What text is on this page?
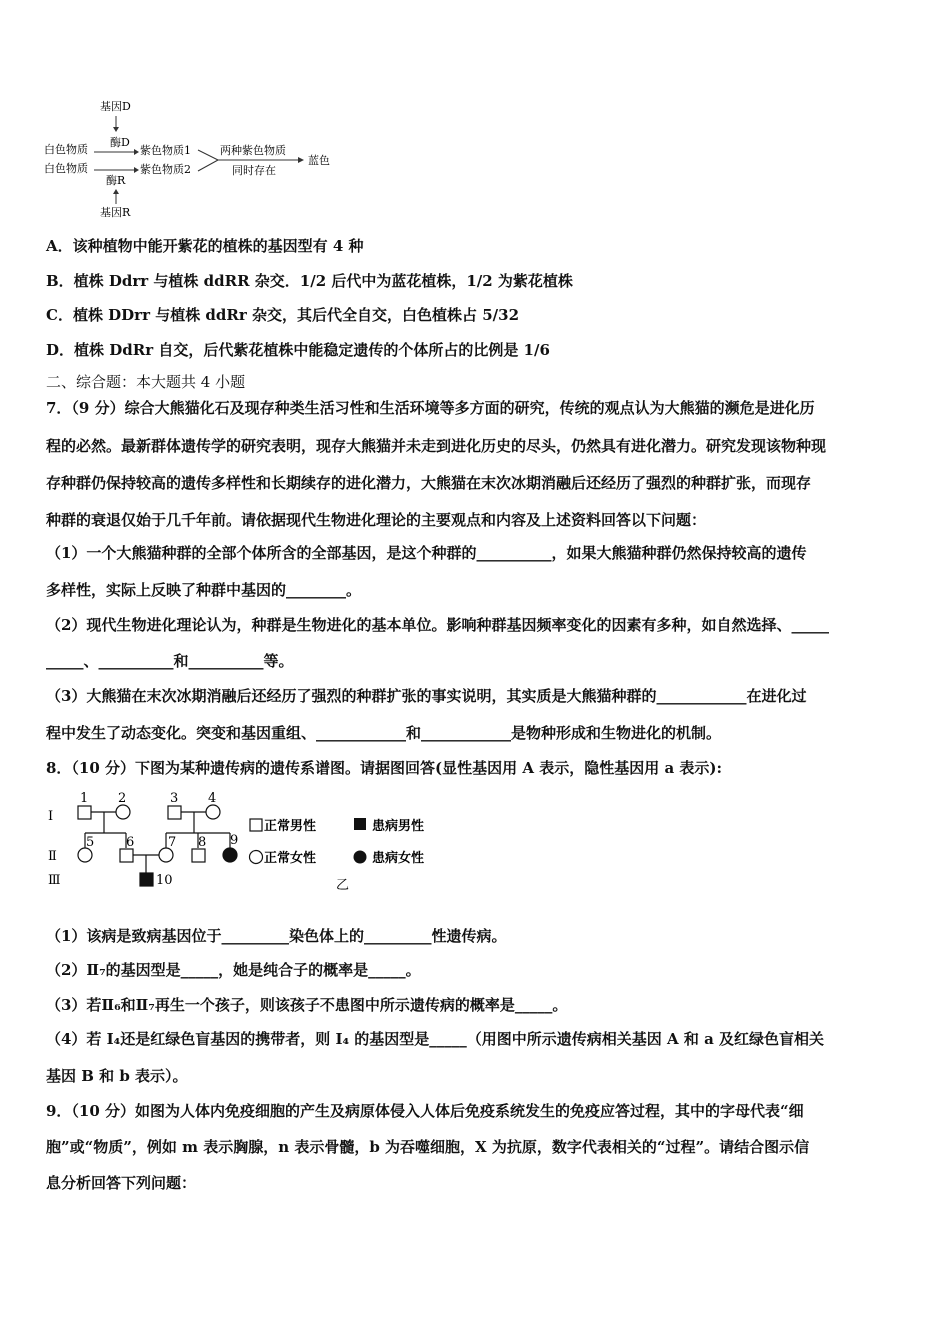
基因D
酶D
白色物质	紫色物质1
白色物质	紫色物质2
两种紫色物质
同时存在
蓝色
酶R
基因R
A．该种植物中能开紫花的植株的基因型有 4 种
B．植株 Ddrr 与植株 ddRR 杂交．1/2 后代中为蓝花植株，1/2 为紫花植株
C．植株 DDrr 与植株 ddRr 杂交，其后代全自交，白色植株占 5/32
D．植株 DdRr 自交，后代紫花植株中能稳定遗传的个体所占的比例是 1/6
二、综合题：本大题共 4 小题
7．（9 分）综合大熊猫化石及现存种类生活习性和生活环境等多方面的研究，传统的观点认为大熊猫的濒危是进化历
程的必然。最新群体遗传学的研究表明，现存大熊猫并未走到进化历史的尽头，仍然具有进化潜力。研究发现该物种现
存种群仍保持较高的遗传多样性和长期续存的进化潜力，大熊猫在末次冰期消融后还经历了强烈的种群扩张，而现存
种群的衰退仅始于几千年前。请依据现代生物进化理论的主要观点和内容及上述资料回答以下问题：
（1）一个大熊猫种群的全部个体所含的全部基因，是这个种群的__________，如果大熊猫种群仍然保持较高的遗传
多样性，实际上反映了种群中基因的________。
（2）现代生物进化理论认为，种群是生物进化的基本单位。影响种群基因频率变化的因素有多种，如自然选择、_____
_____、__________和__________等。
（3）大熊猫在末次冰期消融后还经历了强烈的种群扩张的事实说明，其实质是大熊猫种群的____________在进化过
程中发生了动态变化。突变和基因重组、____________和____________是物种形成和生物进化的机制。
8．（10 分）下图为某种遗传病的遗传系谱图。请据图回答(显性基因用 A 表示，隐性基因用 a 表示):
Ⅰ
Ⅱ
Ⅲ
1 2	3 4
5 6	7 8 9
10
正常男性	患病男性
正常女性	患病女性
乙
（1）该病是致病基因位于_________染色体上的_________性遗传病。
（2）Ⅱ₇的基因型是_____，她是纯合子的概率是_____。
（3）若Ⅱ₆和Ⅱ₇再生一个孩子，则该孩子不患图中所示遗传病的概率是_____。
（4）若 I₄还是红绿色盲基因的携带者，则 I₄ 的基因型是_____（用图中所示遗传病相关基因 A 和 a 及红绿色盲相关
基因 B 和 b 表示）。
9．（10 分）如图为人体内免疫细胞的产生及病原体侵入人体后免疫系统发生的免疫应答过程，其中的字母代表“细
胞”或“物质”，例如 m 表示胸腺，n 表示骨髓，b 为吞噬细胞，X 为抗原，数字代表相关的“过程”。请结合图示信
息分析回答下列问题：
